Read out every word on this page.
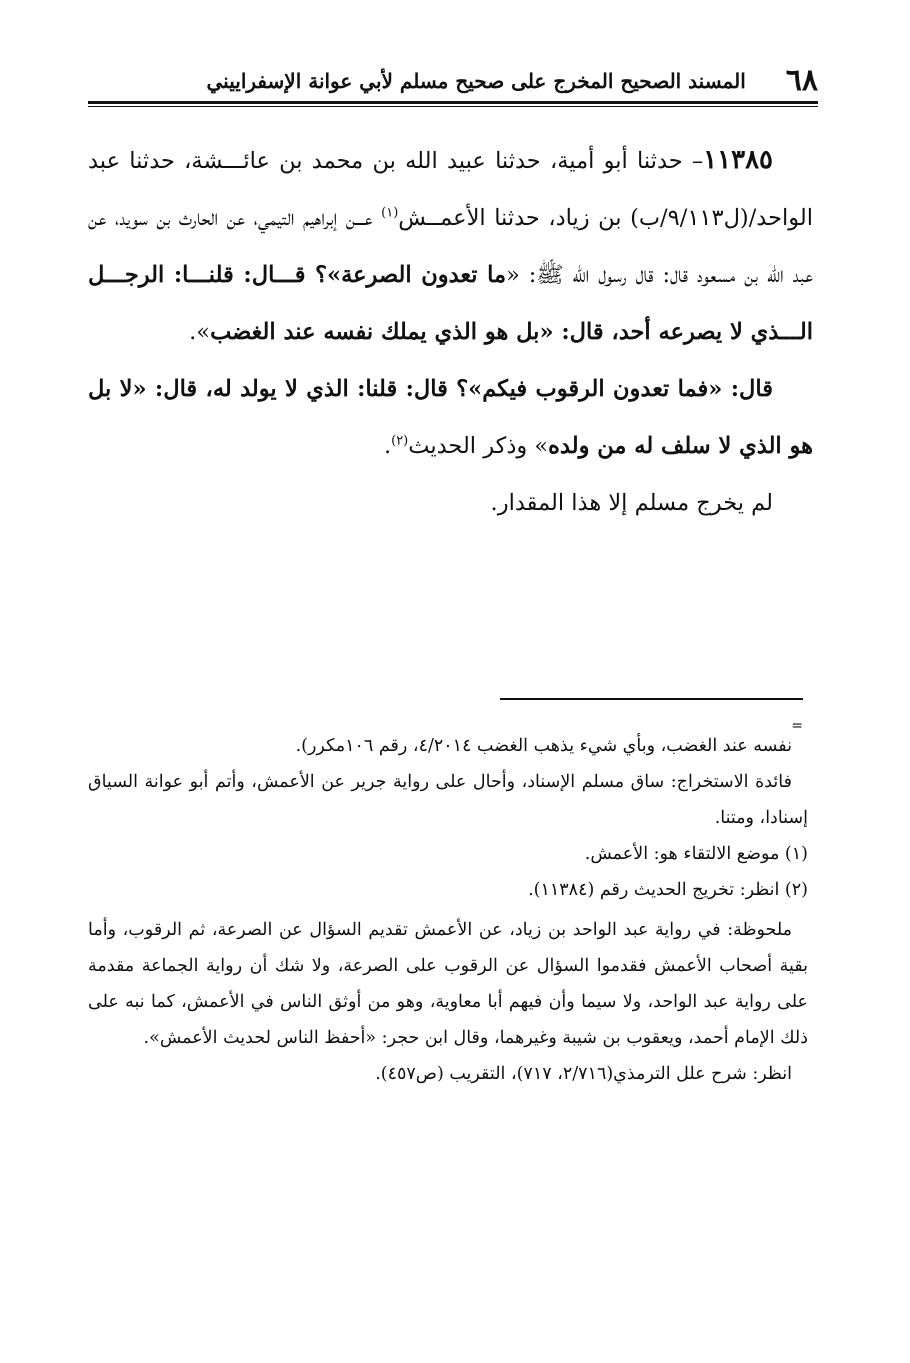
٦٨
المسند الصحيح المخرج على صحيح مسلم لأبي عوانة الإسفراييني

١١٣٨٥– حدثنا أبو أمية، حدثنا عبيد الله بن محمد بن عائـــشة، حدثنا عبد الواحد/(ل٩/١١٣/ب) بن زياد، حدثنا الأعمــش$^{(١)}$ عـــن إبراهيم التيمي، عن الحارث بن سويد، عن عبد الله بن مسعود قال: قال رسول الله ﷺ: «ما تعدون الصرعة»؟ قـــال: قلنـــا: الرجـــل الـــذي لا يصرعه أحد، قال: «بل هو الذي يملك نفسه عند الغضب».

قال: «فما تعدون الرقوب فيكم»؟ قال: قلنا: الذي لا يولد له، قال: «لا بل هو الذي لا سلف له من ولده» وذكر الحديث$^{(٢)}$.

لم يخرج مسلم إلا هذا المقدار.

=

نفسه عند الغضب، وبأي شيء يذهب الغضب ٤/٢٠١٤، رقم ١٠٦مكرر).

فائدة الاستخراج: ساق مسلم الإسناد، وأحال على رواية جرير عن الأعمش، وأتم أبو عوانة السياق إسنادا، ومتنا.

(١) موضع الالتقاء هو: الأعمش.

(٢) انظر: تخريج الحديث رقم (١١٣٨٤).

ملحوظة: في رواية عبد الواحد بن زياد، عن الأعمش تقديم السؤال عن الصرعة، ثم الرقوب، وأما بقية أصحاب الأعمش فقدموا السؤال عن الرقوب على الصرعة، ولا شك أن رواية الجماعة مقدمة على رواية عبد الواحد، ولا سيما وأن فيهم أبا معاوية، وهو من أوثق الناس في الأعمش، كما نبه على ذلك الإمام أحمد، ويعقوب بن شيبة وغيرهما، وقال ابن حجر: «أحفظ الناس لحديث الأعمش».

انظر: شرح علل الترمذي(٢/٧١٦، ٧١٧)، التقريب (ص٤٥٧).
